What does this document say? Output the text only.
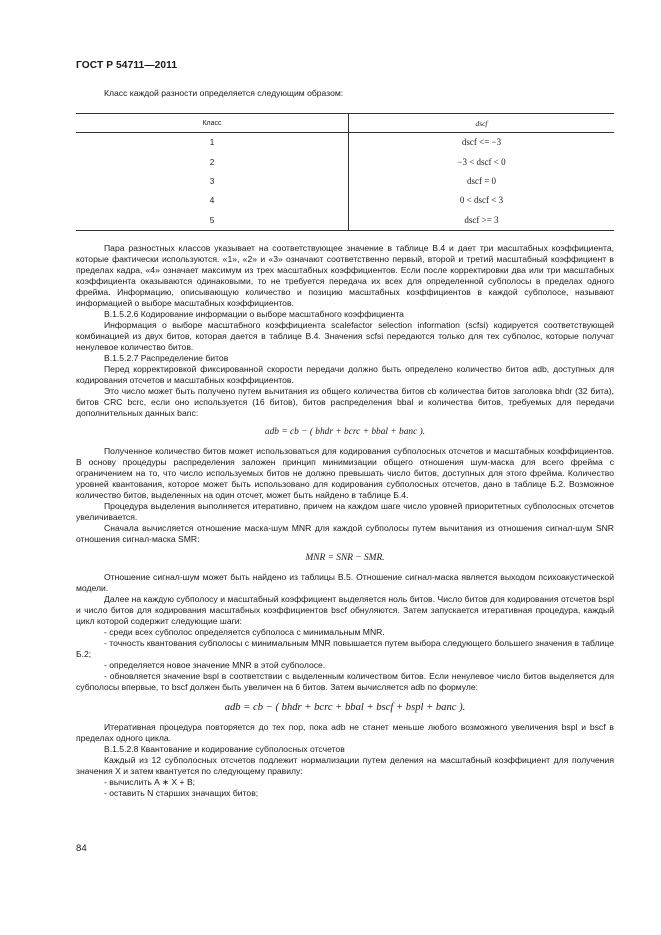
ГОСТ Р 54711—2011

Класс каждой разности определяется следующим образом:

Класс	dscf
1	dscf <= −3
2	−3 < dscf < 0
3	dscf = 0
4	0 < dscf < 3
5	dscf >= 3

Пара разностных классов указывает на соответствующее значение в таблице В.4 и дает три масштабных коэффициента, которые фактически используются. «1», «2» и «3» означают соответственно первый, второй и третий масштабный коэффициент в пределах кадра, «4» означает максимум из трех масштабных коэффициентов. Если после корректировки два или три масштабных коэффициента оказываются одинаковыми, то не требуется передача их всех для определенной субполосы в пределах одного фрейма. Информацию, описывающую количество и позицию масштабных коэффициентов в каждой субполосе, называют информацией о выборе масштабных коэффициентов.

В.1.5.2.6 Кодирование информации о выборе масштабного коэффициента

Информация о выборе масштабного коэффициента scalefactor selection information (scfsi) кодируется соответствующей комбинацией из двух битов, которая дается в таблице В.4. Значения scfsi передаются только для тех субполос, которые получат ненулевое количество битов.

В.1.5.2.7 Распределение битов

Перед корректировкой фиксированной скорости передачи должно быть определено количество битов adb, доступных для кодирования отсчетов и масштабных коэффициентов.

Это число может быть получено путем вычитания из общего количества битов cb количества битов заголовка bhdr (32 бита), битов CRC bcrc, если оно используется (16 битов), битов распределения bbal и количества битов, требуемых для передачи дополнительных данных banc:

adb = cb − ( bhdr + bcrc + bbal + banc ).

Полученное количество битов может использоваться для кодирования субполосных отсчетов и масштабных коэффициентов. В основу процедуры распределения заложен принцип минимизации общего отношения шум-маска для всего фрейма с ограничением на то, что число используемых битов не должно превышать число битов, доступных для этого фрейма. Количество уровней квантования, которое может быть использовано для кодирования субполосных отсчетов, дано в таблице Б.2. Возможное количество битов, выделенных на один отсчет, может быть найдено в таблице Б.4.

Процедура выделения выполняется итеративно, причем на каждом шаге число уровней приоритетных субполосных отсчетов увеличивается.

Сначала вычисляется отношение маска-шум MNR для каждой субполосы путем вычитания из отношения сигнал-шум SNR отношения сигнал-маска SMR:

MNR = SNR − SMR.

Отношение сигнал-шум может быть найдено из таблицы В.5. Отношение сигнал-маска является выходом психоакустической модели.

Далее на каждую субполосу и масштабный коэффициент выделяется ноль битов. Число битов для кодирования отсчетов bspl и число битов для кодирования масштабных коэффициентов bscf обнуляются. Затем запускается итеративная процедура, каждый цикл которой содержит следующие шаги:

- среди всех субполос определяется субполоса с минимальным MNR.

- точность квантования субполосы с минимальным MNR повышается путем выбора следующего большего значения в таблице Б.2;

- определяется новое значение MNR в этой субполосе.

- обновляется значение bspl в соответствии с выделенным количеством битов. Если ненулевое число битов выделяется для субполосы впервые, то bscf должен быть увеличен на 6 битов. Затем вычисляется adb по формуле:

adb = cb − ( bhdr + bcrc + bbal + bscf + bspl + banc ).

Итеративная процедура повторяется до тех пор, пока adb не станет меньше любого возможного увеличения bspl и bscf в пределах одного цикла.

В.1.5.2.8 Квантование и кодирование субполосных отсчетов

Каждый из 12 субполосных отсчетов подлежит нормализации путем деления на масштабный коэффициент для получения значения X и затем квантуется по следующему правилу:

- вычислить A ∗ X + B;

- оставить N старших значащих битов;

84
